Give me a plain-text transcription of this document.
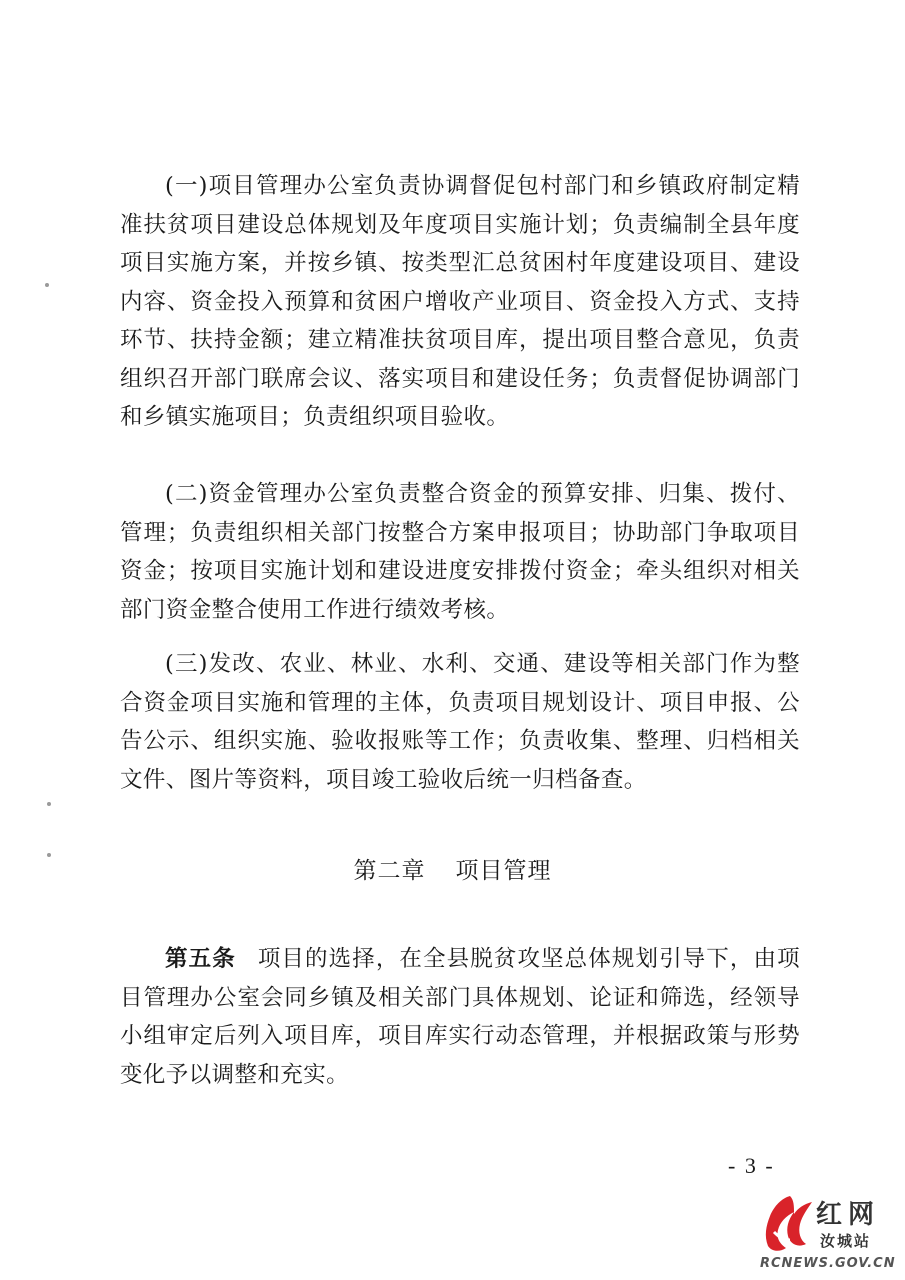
(一)项目管理办公室负责协调督促包村部门和乡镇政府制定精准扶贫项目建设总体规划及年度项目实施计划；负责编制全县年度项目实施方案，并按乡镇、按类型汇总贫困村年度建设项目、建设内容、资金投入预算和贫困户增收产业项目、资金投入方式、支持环节、扶持金额；建立精准扶贫项目库，提出项目整合意见，负责组织召开部门联席会议、落实项目和建设任务；负责督促协调部门和乡镇实施项目；负责组织项目验收。

(二)资金管理办公室负责整合资金的预算安排、归集、拨付、管理；负责组织相关部门按整合方案申报项目；协助部门争取项目资金；按项目实施计划和建设进度安排拨付资金；牵头组织对相关部门资金整合使用工作进行绩效考核。

(三)发改、农业、林业、水利、交通、建设等相关部门作为整合资金项目实施和管理的主体，负责项目规划设计、项目申报、公告公示、组织实施、验收报账等工作；负责收集、整理、归档相关文件、图片等资料，项目竣工验收后统一归档备查。

第二章 项目管理

第五条 项目的选择，在全县脱贫攻坚总体规划引导下，由项目管理办公室会同乡镇及相关部门具体规划、论证和筛选，经领导小组审定后列入项目库，项目库实行动态管理，并根据政策与形势变化予以调整和充实。

- 3 -
红网
汝城站
RCNEWS.GOV.CN
